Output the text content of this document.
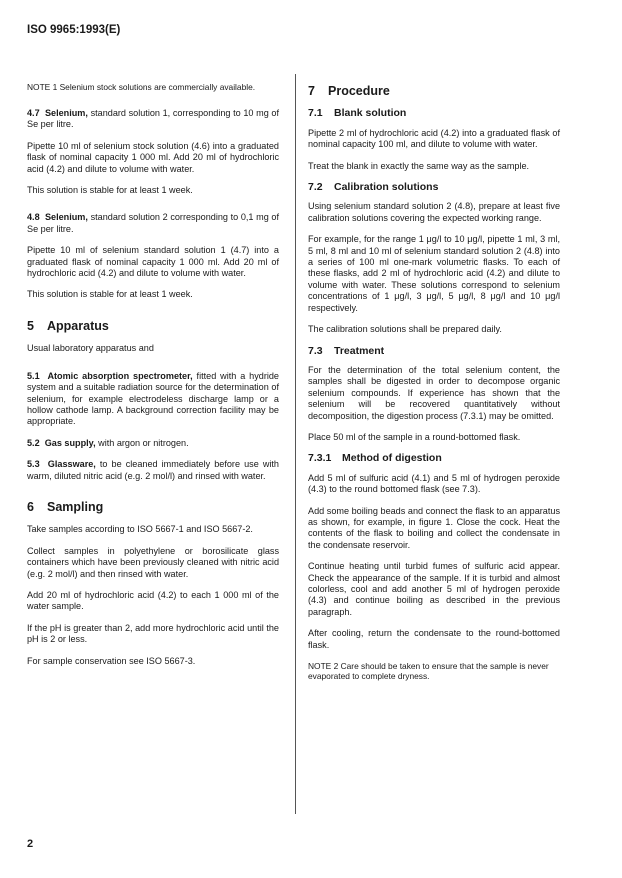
ISO 9965:1993(E)

NOTE 1 Selenium stock solutions are commercially available.

4.7 Selenium, standard solution 1, corresponding to 10 mg of Se per litre.

Pipette 10 ml of selenium stock solution (4.6) into a graduated flask of nominal capacity 1 000 ml. Add 20 ml of hydrochloric acid (4.2) and dilute to volume with water.

This solution is stable for at least 1 week.

4.8 Selenium, standard solution 2 corresponding to 0,1 mg of Se per litre.

Pipette 10 ml of selenium standard solution 1 (4.7) into a graduated flask of nominal capacity 1 000 ml. Add 20 ml of hydrochloric acid (4.2) and dilute to volume with water.

This solution is stable for at least 1 week.

5 Apparatus

Usual laboratory apparatus and

5.1 Atomic absorption spectrometer, fitted with a hydride system and a suitable radiation source for the determination of selenium, for example electrodeless discharge lamp or a hollow cathode lamp. A background correction facility may be appropriate.

5.2 Gas supply, with argon or nitrogen.

5.3 Glassware, to be cleaned immediately before use with warm, diluted nitric acid (e.g. 2 mol/l) and rinsed with water.

6 Sampling

Take samples according to ISO 5667-1 and ISO 5667-2.

Collect samples in polyethylene or borosilicate glass containers which have been previously cleaned with nitric acid (e.g. 2 mol/l) and then rinsed with water.

Add 20 ml of hydrochloric acid (4.2) to each 1 000 ml of the water sample.

If the pH is greater than 2, add more hydrochloric acid until the pH is 2 or less.

For sample conservation see ISO 5667-3.

7 Procedure
7.1 Blank solution

Pipette 2 ml of hydrochloric acid (4.2) into a graduated flask of nominal capacity 100 ml, and dilute to volume with water.

Treat the blank in exactly the same way as the sample.

7.2 Calibration solutions

Using selenium standard solution 2 (4.8), prepare at least five calibration solutions covering the expected working range.

For example, for the range 1 μg/l to 10 μg/l, pipette 1 ml, 3 ml, 5 ml, 8 ml and 10 ml of selenium standard solution 2 (4.8) into a series of 100 ml one-mark volumetric flasks. To each of these flasks, add 2 ml of hydrochloric acid (4.2) and dilute to volume with water. These solutions correspond to selenium concentrations of 1 μg/l, 3 μg/l, 5 μg/l, 8 μg/l and 10 μg/l respectively.

The calibration solutions shall be prepared daily.

7.3 Treatment

For the determination of the total selenium content, the samples shall be digested in order to decompose organic selenium compounds. If experience has shown that the selenium will be recovered quantitatively without decomposition, the digestion process (7.3.1) may be omitted.

Place 50 ml of the sample in a round-bottomed flask.

7.3.1 Method of digestion

Add 5 ml of sulfuric acid (4.1) and 5 ml of hydrogen peroxide (4.3) to the round bottomed flask (see 7.3).

Add some boiling beads and connect the flask to an apparatus as shown, for example, in figure 1. Close the cock. Heat the contents of the flask to boiling and collect the condensate in the condensate reservoir.

Continue heating until turbid fumes of sulfuric acid appear. Check the appearance of the sample. If it is turbid and almost colorless, cool and add another 5 ml of hydrogen peroxide (4.3) and continue boiling as described in the previous paragraph.

After cooling, return the condensate to the round-bottomed flask.

NOTE 2 Care should be taken to ensure that the sample is never evaporated to complete dryness.

2
